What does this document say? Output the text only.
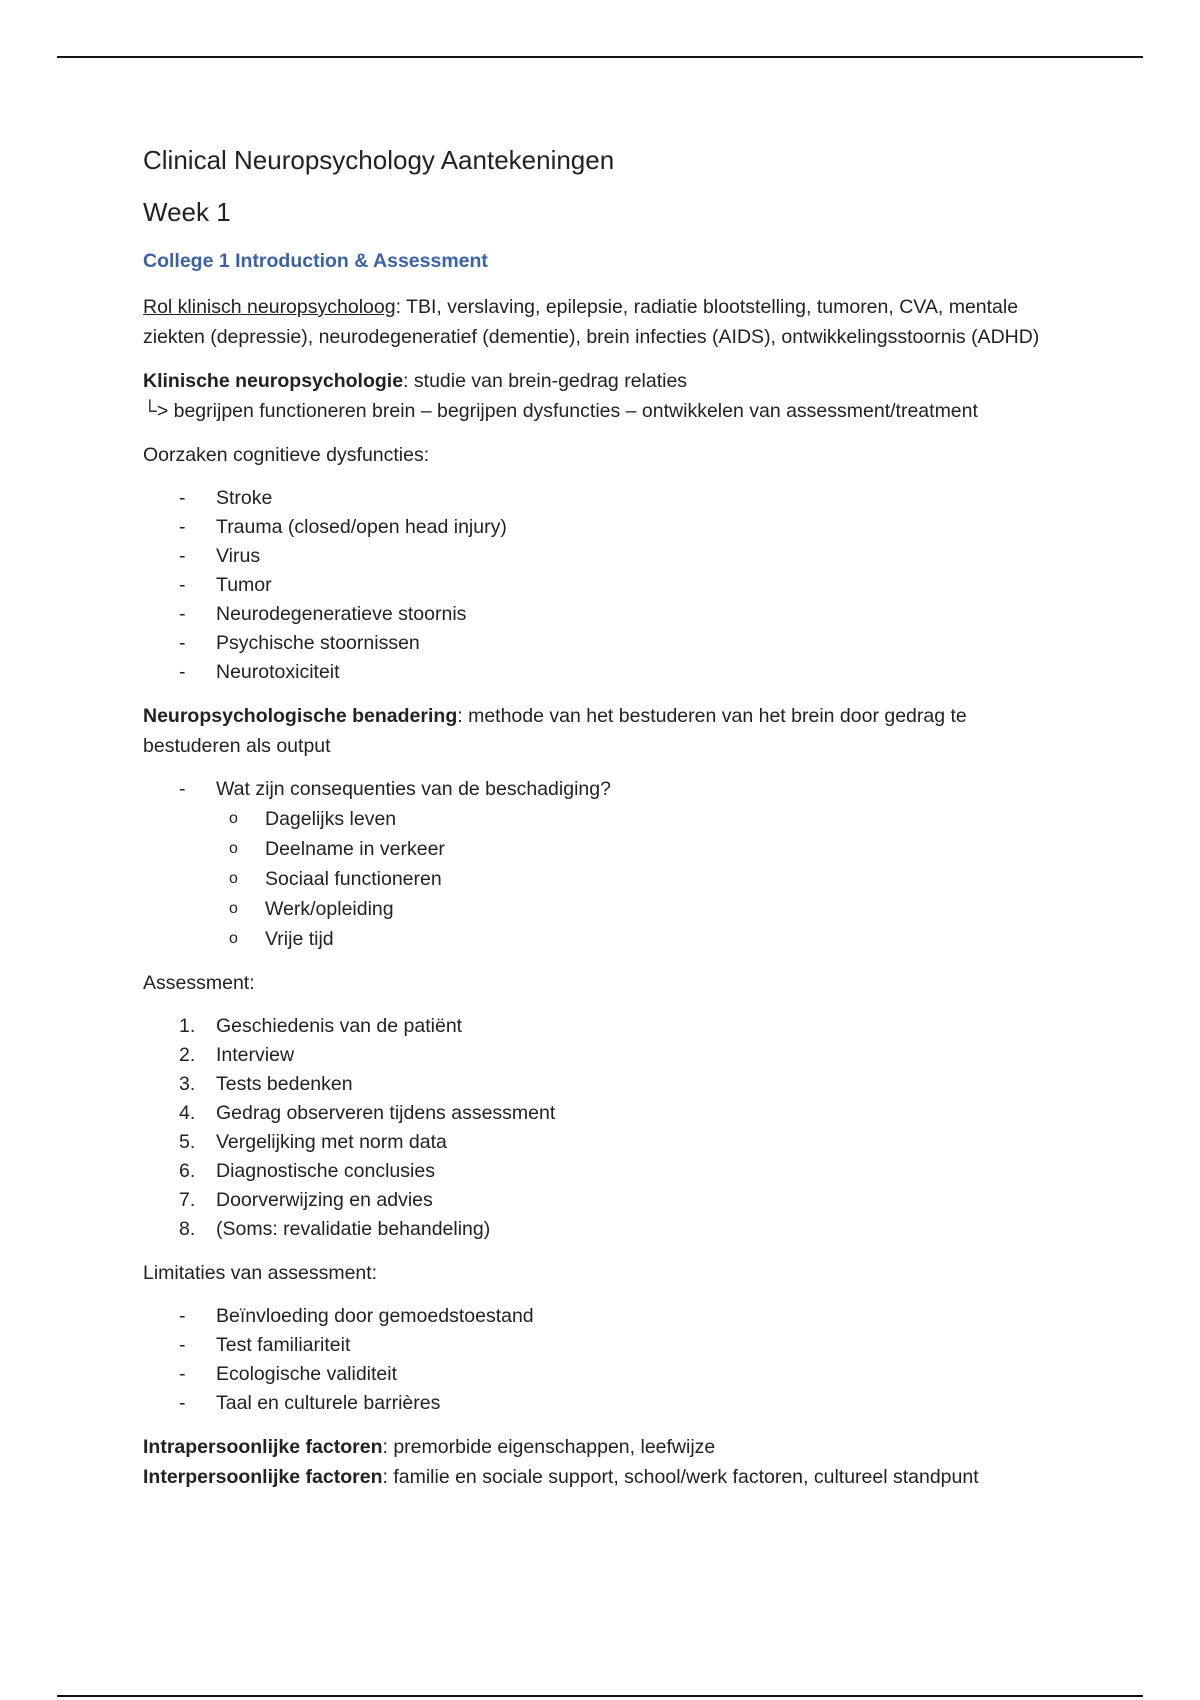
Clinical Neuropsychology Aantekeningen
Week 1
College 1 Introduction & Assessment

Rol klinisch neuropsycholoog: TBI, verslaving, epilepsie, radiatie blootstelling, tumoren, CVA, mentale ziekten (depressie), neurodegeneratief (dementie), brein infecties (AIDS), ontwikkelingsstoornis (ADHD)

Klinische neuropsychologie: studie van brein-gedrag relaties
└> begrijpen functioneren brein – begrijpen dysfuncties – ontwikkelen van assessment/treatment

Oorzaken cognitieve dysfuncties:

- Stroke
- Trauma (closed/open head injury)
- Virus
- Tumor
- Neurodegeneratieve stoornis
- Psychische stoornissen
- Neurotoxiciteit

Neuropsychologische benadering: methode van het bestuderen van het brein door gedrag te bestuderen als output

- Wat zijn consequenties van de beschadiging?
o Dagelijks leven
o Deelname in verkeer
o Sociaal functioneren
o Werk/opleiding
o Vrije tijd

Assessment:

1. Geschiedenis van de patiënt
2. Interview
3. Tests bedenken
4. Gedrag observeren tijdens assessment
5. Vergelijking met norm data
6. Diagnostische conclusies
7. Doorverwijzing en advies
8. (Soms: revalidatie behandeling)

Limitaties van assessment:

- Beïnvloeding door gemoedstoestand
- Test familiariteit
- Ecologische validiteit
- Taal en culturele barrières

Intrapersoonlijke factoren: premorbide eigenschappen, leefwijze

Interpersoonlijke factoren: familie en sociale support, school/werk factoren, cultureel standpunt
